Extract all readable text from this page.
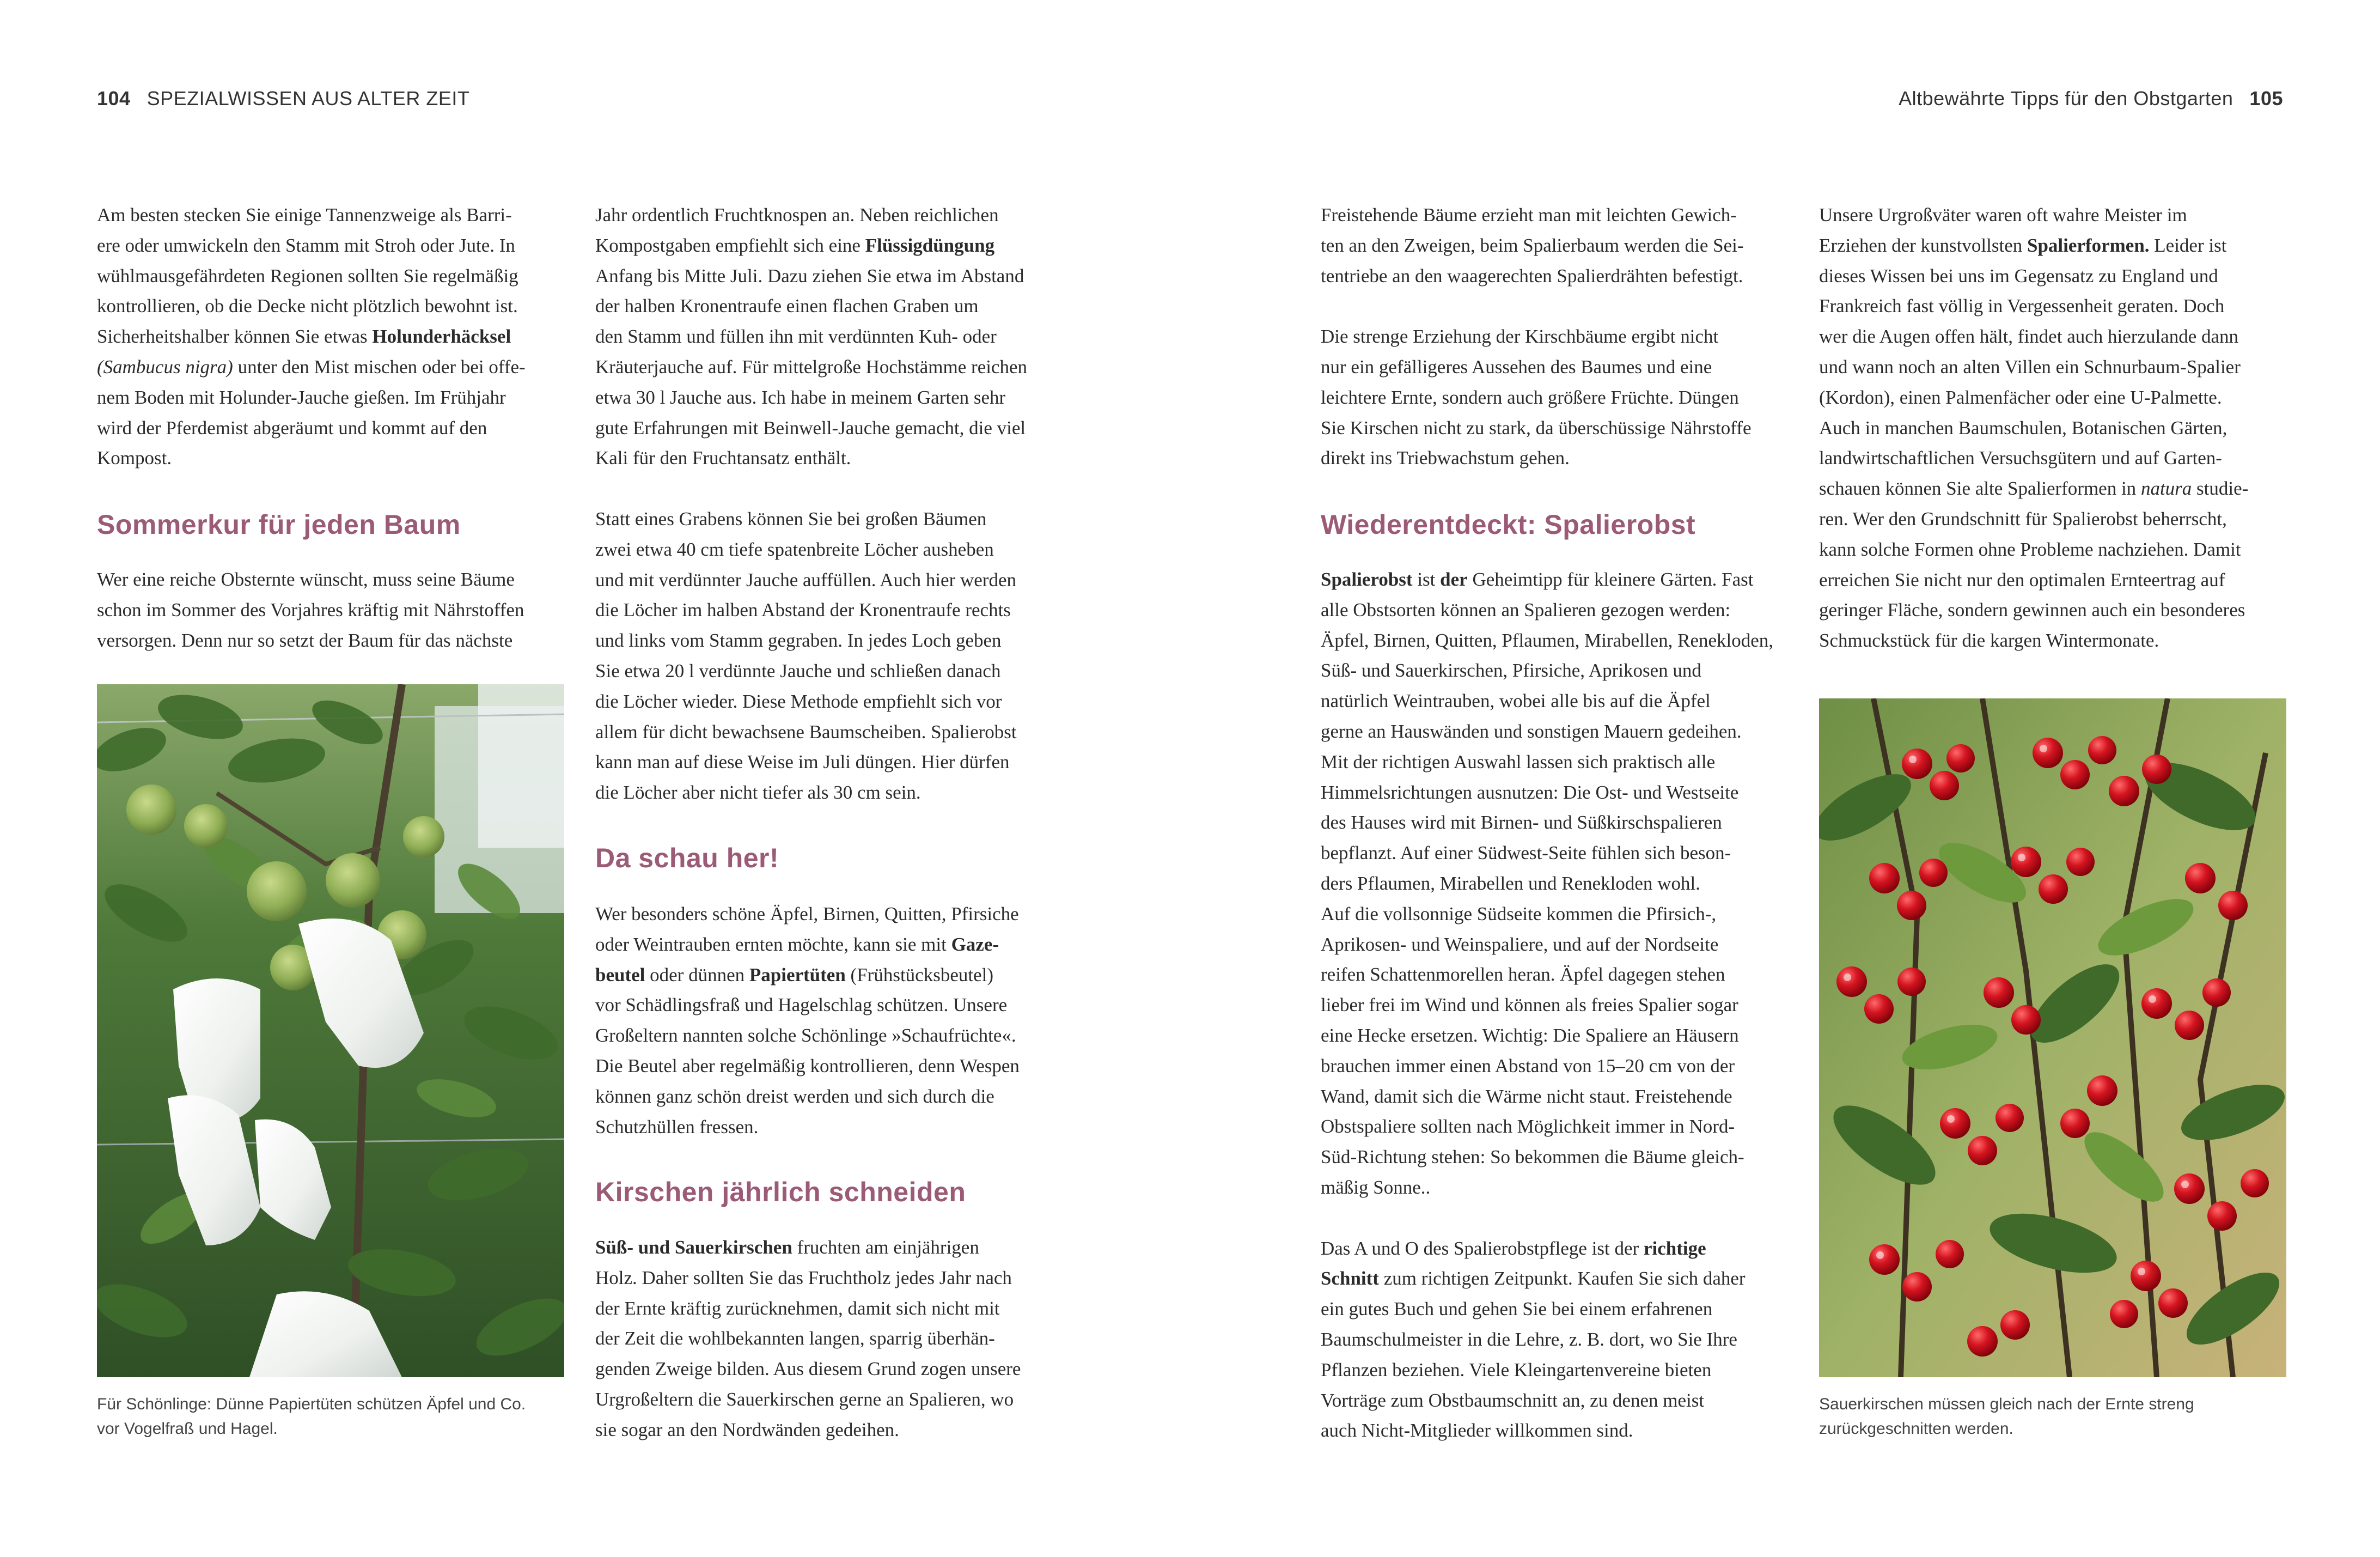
104 SPEZIALWISSEN AUS ALTER ZEIT	Altbewährte Tipps für den Obstgarten 105

Am besten stecken Sie einige Tannenzweige als Barri-
ere oder umwickeln den Stamm mit Stroh oder Jute. In
wühlmausgefährdeten Regionen sollten Sie regelmäßig
kontrollieren, ob die Decke nicht plötzlich bewohnt ist.
Sicherheitshalber können Sie etwas Holunderhäcksel
(Sambucus nigra) unter den Mist mischen oder bei offe-
nem Boden mit Holunder-Jauche gießen. Im Frühjahr
wird der Pferdemist abgeräumt und kommt auf den
Kompost.

Sommerkur für jeden Baum

Wer eine reiche Obsternte wünscht, muss seine Bäume
schon im Sommer des Vorjahres kräftig mit Nährstoffen
versorgen. Denn nur so setzt der Baum für das nächste

Für Schönlinge: Dünne Papiertüten schützen Äpfel und Co.
vor Vogelfraß und Hagel.

Jahr ordentlich Fruchtknospen an. Neben reichlichen
Kompostgaben empfiehlt sich eine Flüssigdüngung
Anfang bis Mitte Juli. Dazu ziehen Sie etwa im Abstand
der halben Kronentraufe einen flachen Graben um
den Stamm und füllen ihn mit verdünnten Kuh- oder
Kräuterjauche auf. Für mittelgroße Hochstämme reichen
etwa 30 l Jauche aus. Ich habe in meinem Garten sehr
gute Erfahrungen mit Beinwell-Jauche gemacht, die viel
Kali für den Fruchtansatz enthält.

Statt eines Grabens können Sie bei großen Bäumen
zwei etwa 40 cm tiefe spatenbreite Löcher ausheben
und mit verdünnter Jauche auffüllen. Auch hier werden
die Löcher im halben Abstand der Kronentraufe rechts
und links vom Stamm gegraben. In jedes Loch geben
Sie etwa 20 l verdünnte Jauche und schließen danach
die Löcher wieder. Diese Methode empfiehlt sich vor
allem für dicht bewachsene Baumscheiben. Spalierobst
kann man auf diese Weise im Juli düngen. Hier dürfen
die Löcher aber nicht tiefer als 30 cm sein.

Da schau her!

Wer besonders schöne Äpfel, Birnen, Quitten, Pfirsiche
oder Weintrauben ernten möchte, kann sie mit Gaze-
beutel oder dünnen Papiertüten (Frühstücksbeutel)
vor Schädlingsfraß und Hagelschlag schützen. Unsere
Großeltern nannten solche Schönlinge »Schaufrüchte«.
Die Beutel aber regelmäßig kontrollieren, denn Wespen
können ganz schön dreist werden und sich durch die
Schutzhüllen fressen.

Kirschen jährlich schneiden

Süß- und Sauerkirschen fruchten am einjährigen
Holz. Daher sollten Sie das Fruchtholz jedes Jahr nach
der Ernte kräftig zurücknehmen, damit sich nicht mit
der Zeit die wohlbekannten langen, sparrig überhän-
genden Zweige bilden. Aus diesem Grund zogen unsere
Urgroßeltern die Sauerkirschen gerne an Spalieren, wo
sie sogar an den Nordwänden gedeihen.

Freistehende Bäume erzieht man mit leichten Gewich-
ten an den Zweigen, beim Spalierbaum werden die Sei-
tentriebe an den waagerechten Spalierdrähten befestigt.

Die strenge Erziehung der Kirschbäume ergibt nicht
nur ein gefälligeres Aussehen des Baumes und eine
leichtere Ernte, sondern auch größere Früchte. Düngen
Sie Kirschen nicht zu stark, da überschüssige Nährstoffe
direkt ins Triebwachstum gehen.

Wiederentdeckt: Spalierobst

Spalierobst ist der Geheimtipp für kleinere Gärten. Fast
alle Obstsorten können an Spalieren gezogen werden:
Äpfel, Birnen, Quitten, Pflaumen, Mirabellen, Reneklоden,
Süß- und Sauerkirschen, Pfirsiche, Aprikosen und
natürlich Weintrauben, wobei alle bis auf die Äpfel
gerne an Hauswänden und sonstigen Mauern gedeihen.
Mit der richtigen Auswahl lassen sich praktisch alle
Himmelsrichtungen ausnutzen: Die Ost- und Westseite
des Hauses wird mit Birnen- und Süßkirschspalieren
bepflanzt. Auf einer Südwest-Seite fühlen sich beson-
ders Pflaumen, Mirabellen und Renekloden wohl.
Auf die vollsonnige Südseite kommen die Pfirsich-,
Aprikosen- und Weinspaliere, und auf der Nordseite
reifen Schattenmorellen heran. Äpfel dagegen stehen
lieber frei im Wind und können als freies Spalier sogar
eine Hecke ersetzen. Wichtig: Die Spaliere an Häusern
brauchen immer einen Abstand von 15–20 cm von der
Wand, damit sich die Wärme nicht staut. Freistehende
Obstspaliere sollten nach Möglichkeit immer in Nord-
Süd-Richtung stehen: So bekommen die Bäume gleich-
mäßig Sonne..

Das A und O des Spalierobstpflege ist der richtige
Schnitt zum richtigen Zeitpunkt. Kaufen Sie sich daher
ein gutes Buch und gehen Sie bei einem erfahrenen
Baumschulmeister in die Lehre, z. B. dort, wo Sie Ihre
Pflanzen beziehen. Viele Kleingartenvereine bieten
Vorträge zum Obstbaumschnitt an, zu denen meist
auch Nicht-Mitglieder willkommen sind.

Unsere Urgroßväter waren oft wahre Meister im
Erziehen der kunstvollsten Spalierformen. Leider ist
dieses Wissen bei uns im Gegensatz zu England und
Frankreich fast völlig in Vergessenheit geraten. Doch
wer die Augen offen hält, findet auch hierzulande dann
und wann noch an alten Villen ein Schnurbaum-Spalier
(Kordon), einen Palmenfächer oder eine U-Palmette.
Auch in manchen Baumschulen, Botanischen Gärten,
landwirtschaftlichen Versuchsgütern und auf Garten-
schauen können Sie alte Spalierformen in natura studie-
ren. Wer den Grundschnitt für Spalierobst beherrscht,
kann solche Formen ohne Probleme nachziehen. Damit
erreichen Sie nicht nur den optimalen Ernteertrag auf
geringer Fläche, sondern gewinnen auch ein besonderes
Schmuckstück für die kargen Wintermonate.

Sauerkirschen müssen gleich nach der Ernte streng
zurückgeschnitten werden.
